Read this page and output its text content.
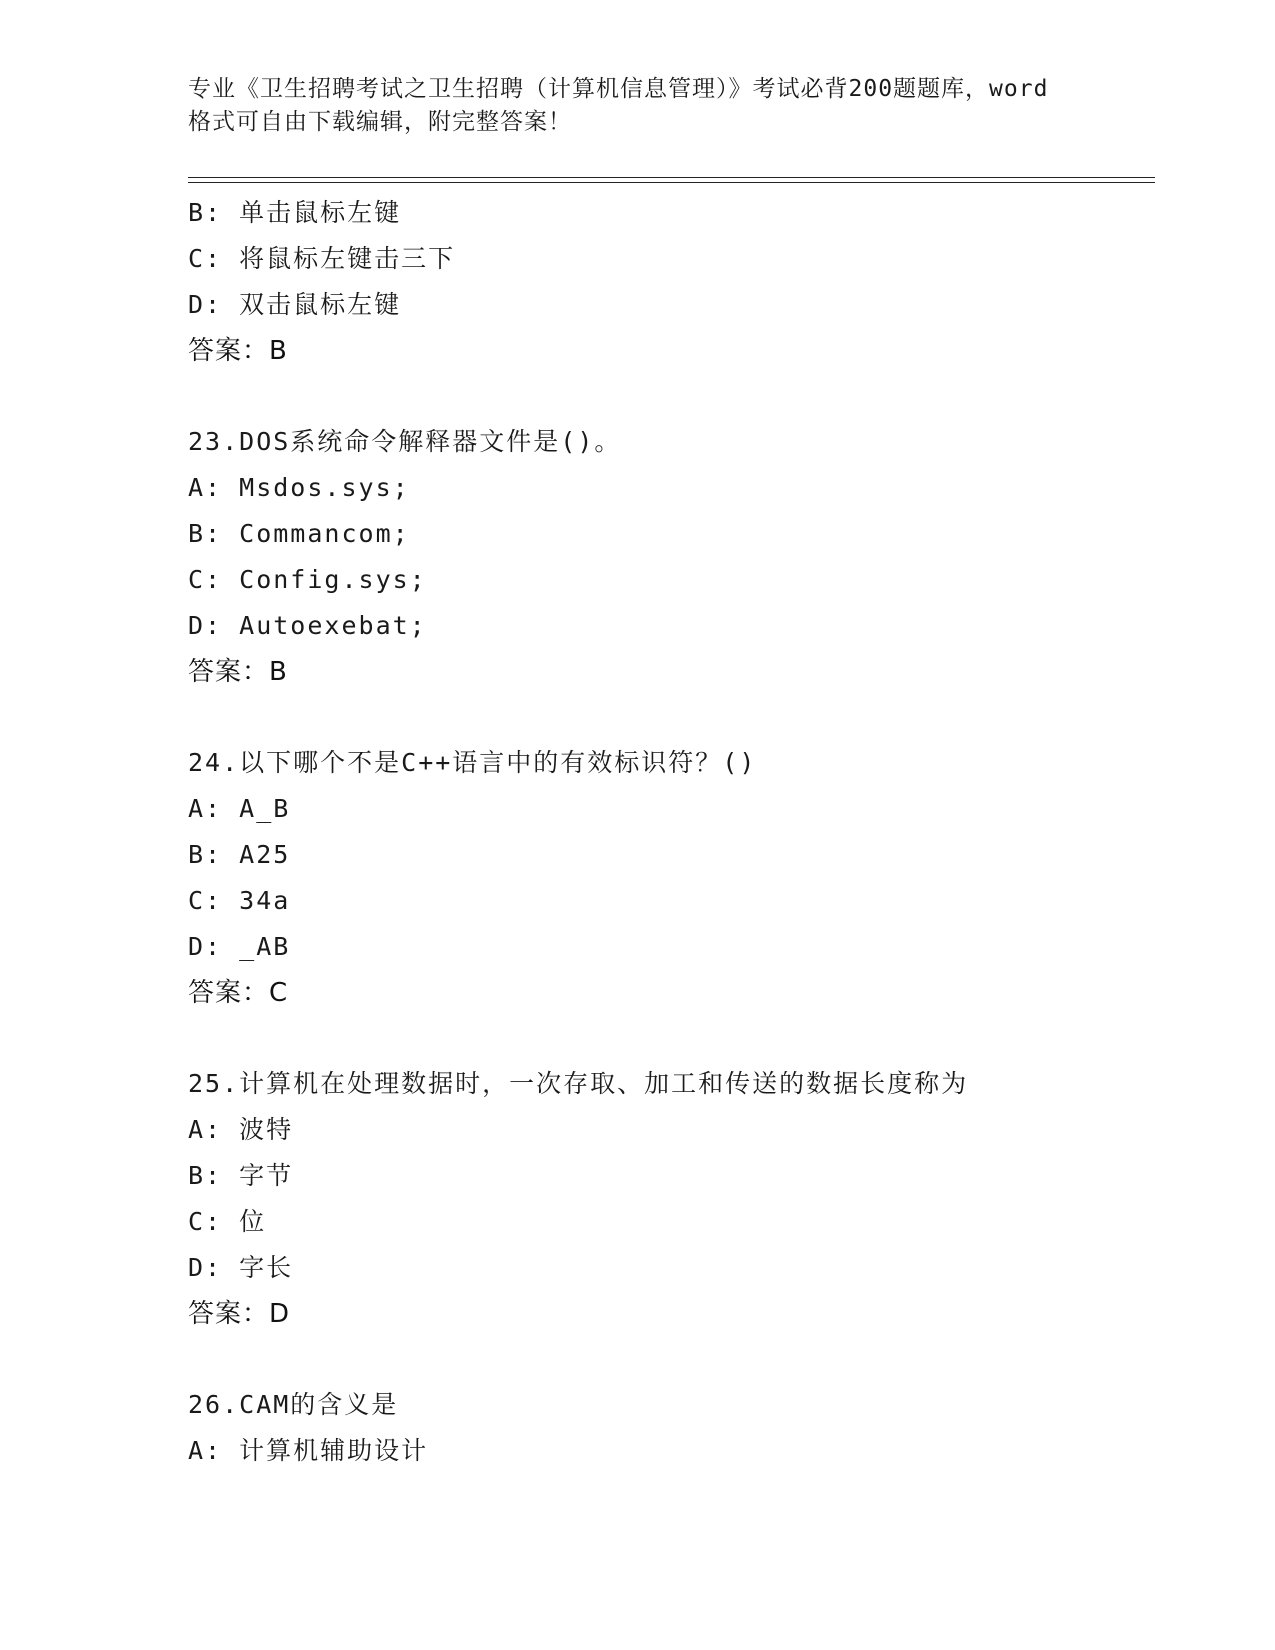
专业《卫生招聘考试之卫生招聘（计算机信息管理）》考试必背200题题库，word
格式可自由下载编辑，附完整答案！
B: 单击鼠标左键
C: 将鼠标左键击三下
D: 双击鼠标左键
答案：B
23.DOS系统命令解释器文件是()。
A: Msdos.sys;
B: Commancom;
C: Config.sys;
D: Autoexebat;
答案：B
24.以下哪个不是C++语言中的有效标识符？()
A: A_B
B: A25
C: 34a
D: _AB
答案：C
25.计算机在处理数据时，一次存取、加工和传送的数据长度称为
A: 波特
B: 字节
C: 位
D: 字长
答案：D
26.CAM的含义是
A: 计算机辅助设计
